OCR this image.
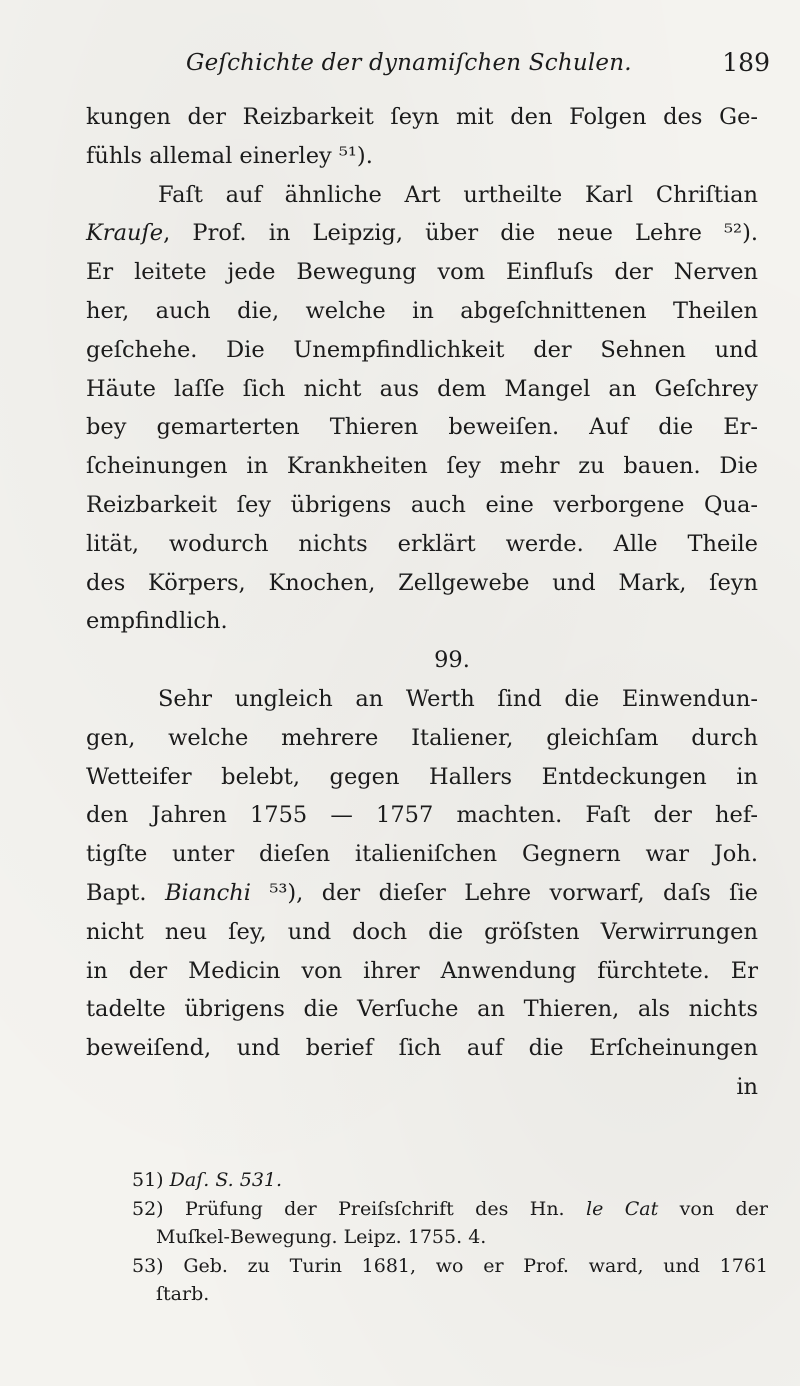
Geſchichte der dynamiſchen Schulen.	189
kungen der Reizbarkeit ſeyn mit den Folgen des Ge-
fühls allemal einerley ⁵¹).
Faſt auf ähnliche Art urtheilte Karl Chriſtian
Krauſe, Prof. in Leipzig, über die neue Lehre ⁵²).
Er leitete jede Bewegung vom Einfluſs der Nerven
her, auch die, welche in abgeſchnittenen Theilen
geſchehe. Die Unempfindlichkeit der Sehnen und
Häute laſſe ſich nicht aus dem Mangel an Geſchrey
bey gemarterten Thieren beweiſen. Auf die Er-
ſcheinungen in Krankheiten ſey mehr zu bauen. Die
Reizbarkeit ſey übrigens auch eine verborgene Qua-
lität, wodurch nichts erklärt werde. Alle Theile
des Körpers, Knochen, Zellgewebe und Mark, ſeyn
empfindlich.
99.
Sehr ungleich an Werth ſind die Einwendun-
gen, welche mehrere Italiener, gleichſam durch
Wetteifer belebt, gegen Hallers Entdeckungen in
den Jahren 1755 — 1757 machten. Faſt der hef-
tigſte unter dieſen italieniſchen Gegnern war Joh.
Bapt. Bianchi ⁵³), der dieſer Lehre vorwarf, daſs ſie
nicht neu ſey, und doch die gröſsten Verwirrungen
in der Medicin von ihrer Anwendung fürchtete. Er
tadelte übrigens die Verſuche an Thieren, als nichts
beweiſend, und berief ſich auf die Erſcheinungen
in
51) Daſ. S. 531.
52) Prüfung der Preiſsſchrift des Hn. le Cat von der
Muſkel-Bewegung. Leipz. 1755. 4.
53) Geb. zu Turin 1681, wo er Prof. ward, und 1761
ſtarb.
